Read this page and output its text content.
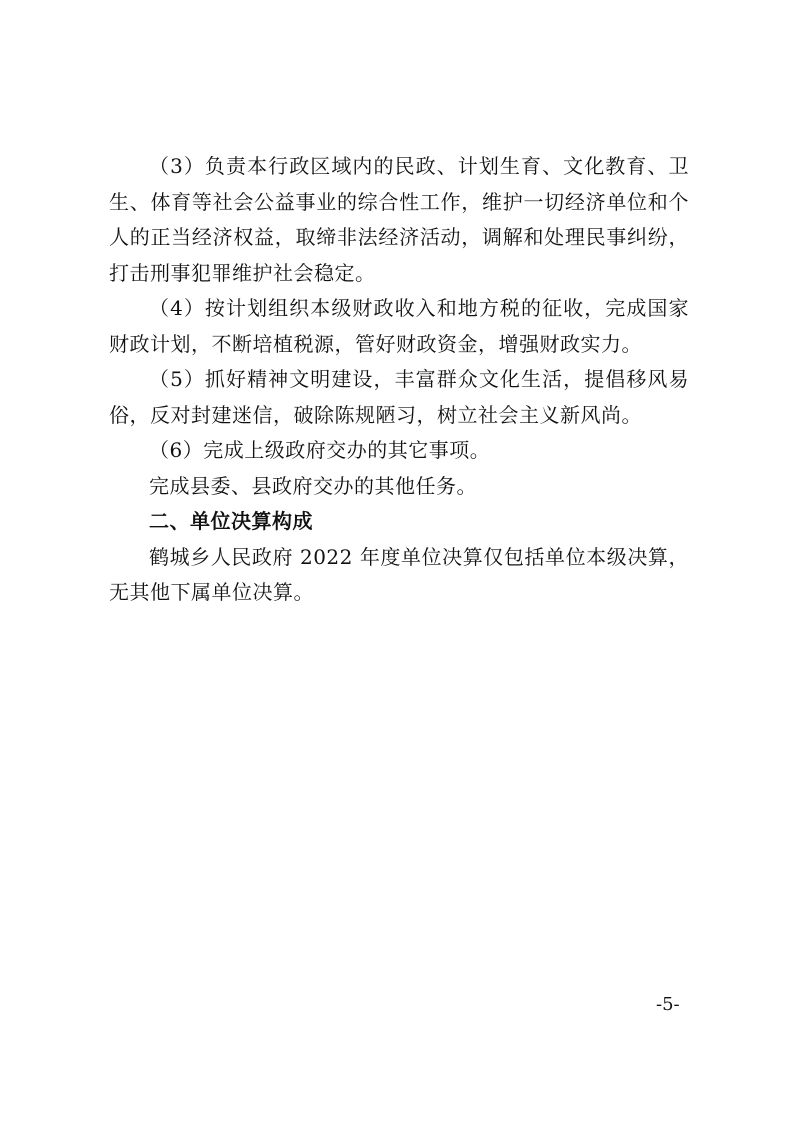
（3）负责本行政区域内的民政、计划生育、文化教育、卫生、体育等社会公益事业的综合性工作，维护一切经济单位和个人的正当经济权益，取缔非法经济活动，调解和处理民事纠纷，打击刑事犯罪维护社会稳定。

（4）按计划组织本级财政收入和地方税的征收，完成国家财政计划，不断培植税源，管好财政资金，增强财政实力。

（5）抓好精神文明建设，丰富群众文化生活，提倡移风易俗，反对封建迷信，破除陈规陋习，树立社会主义新风尚。

（6）完成上级政府交办的其它事项。

完成县委、县政府交办的其他任务。

二、单位决算构成

鹤城乡人民政府 2022 年度单位决算仅包括单位本级决算，无其他下属单位决算。

-5-
